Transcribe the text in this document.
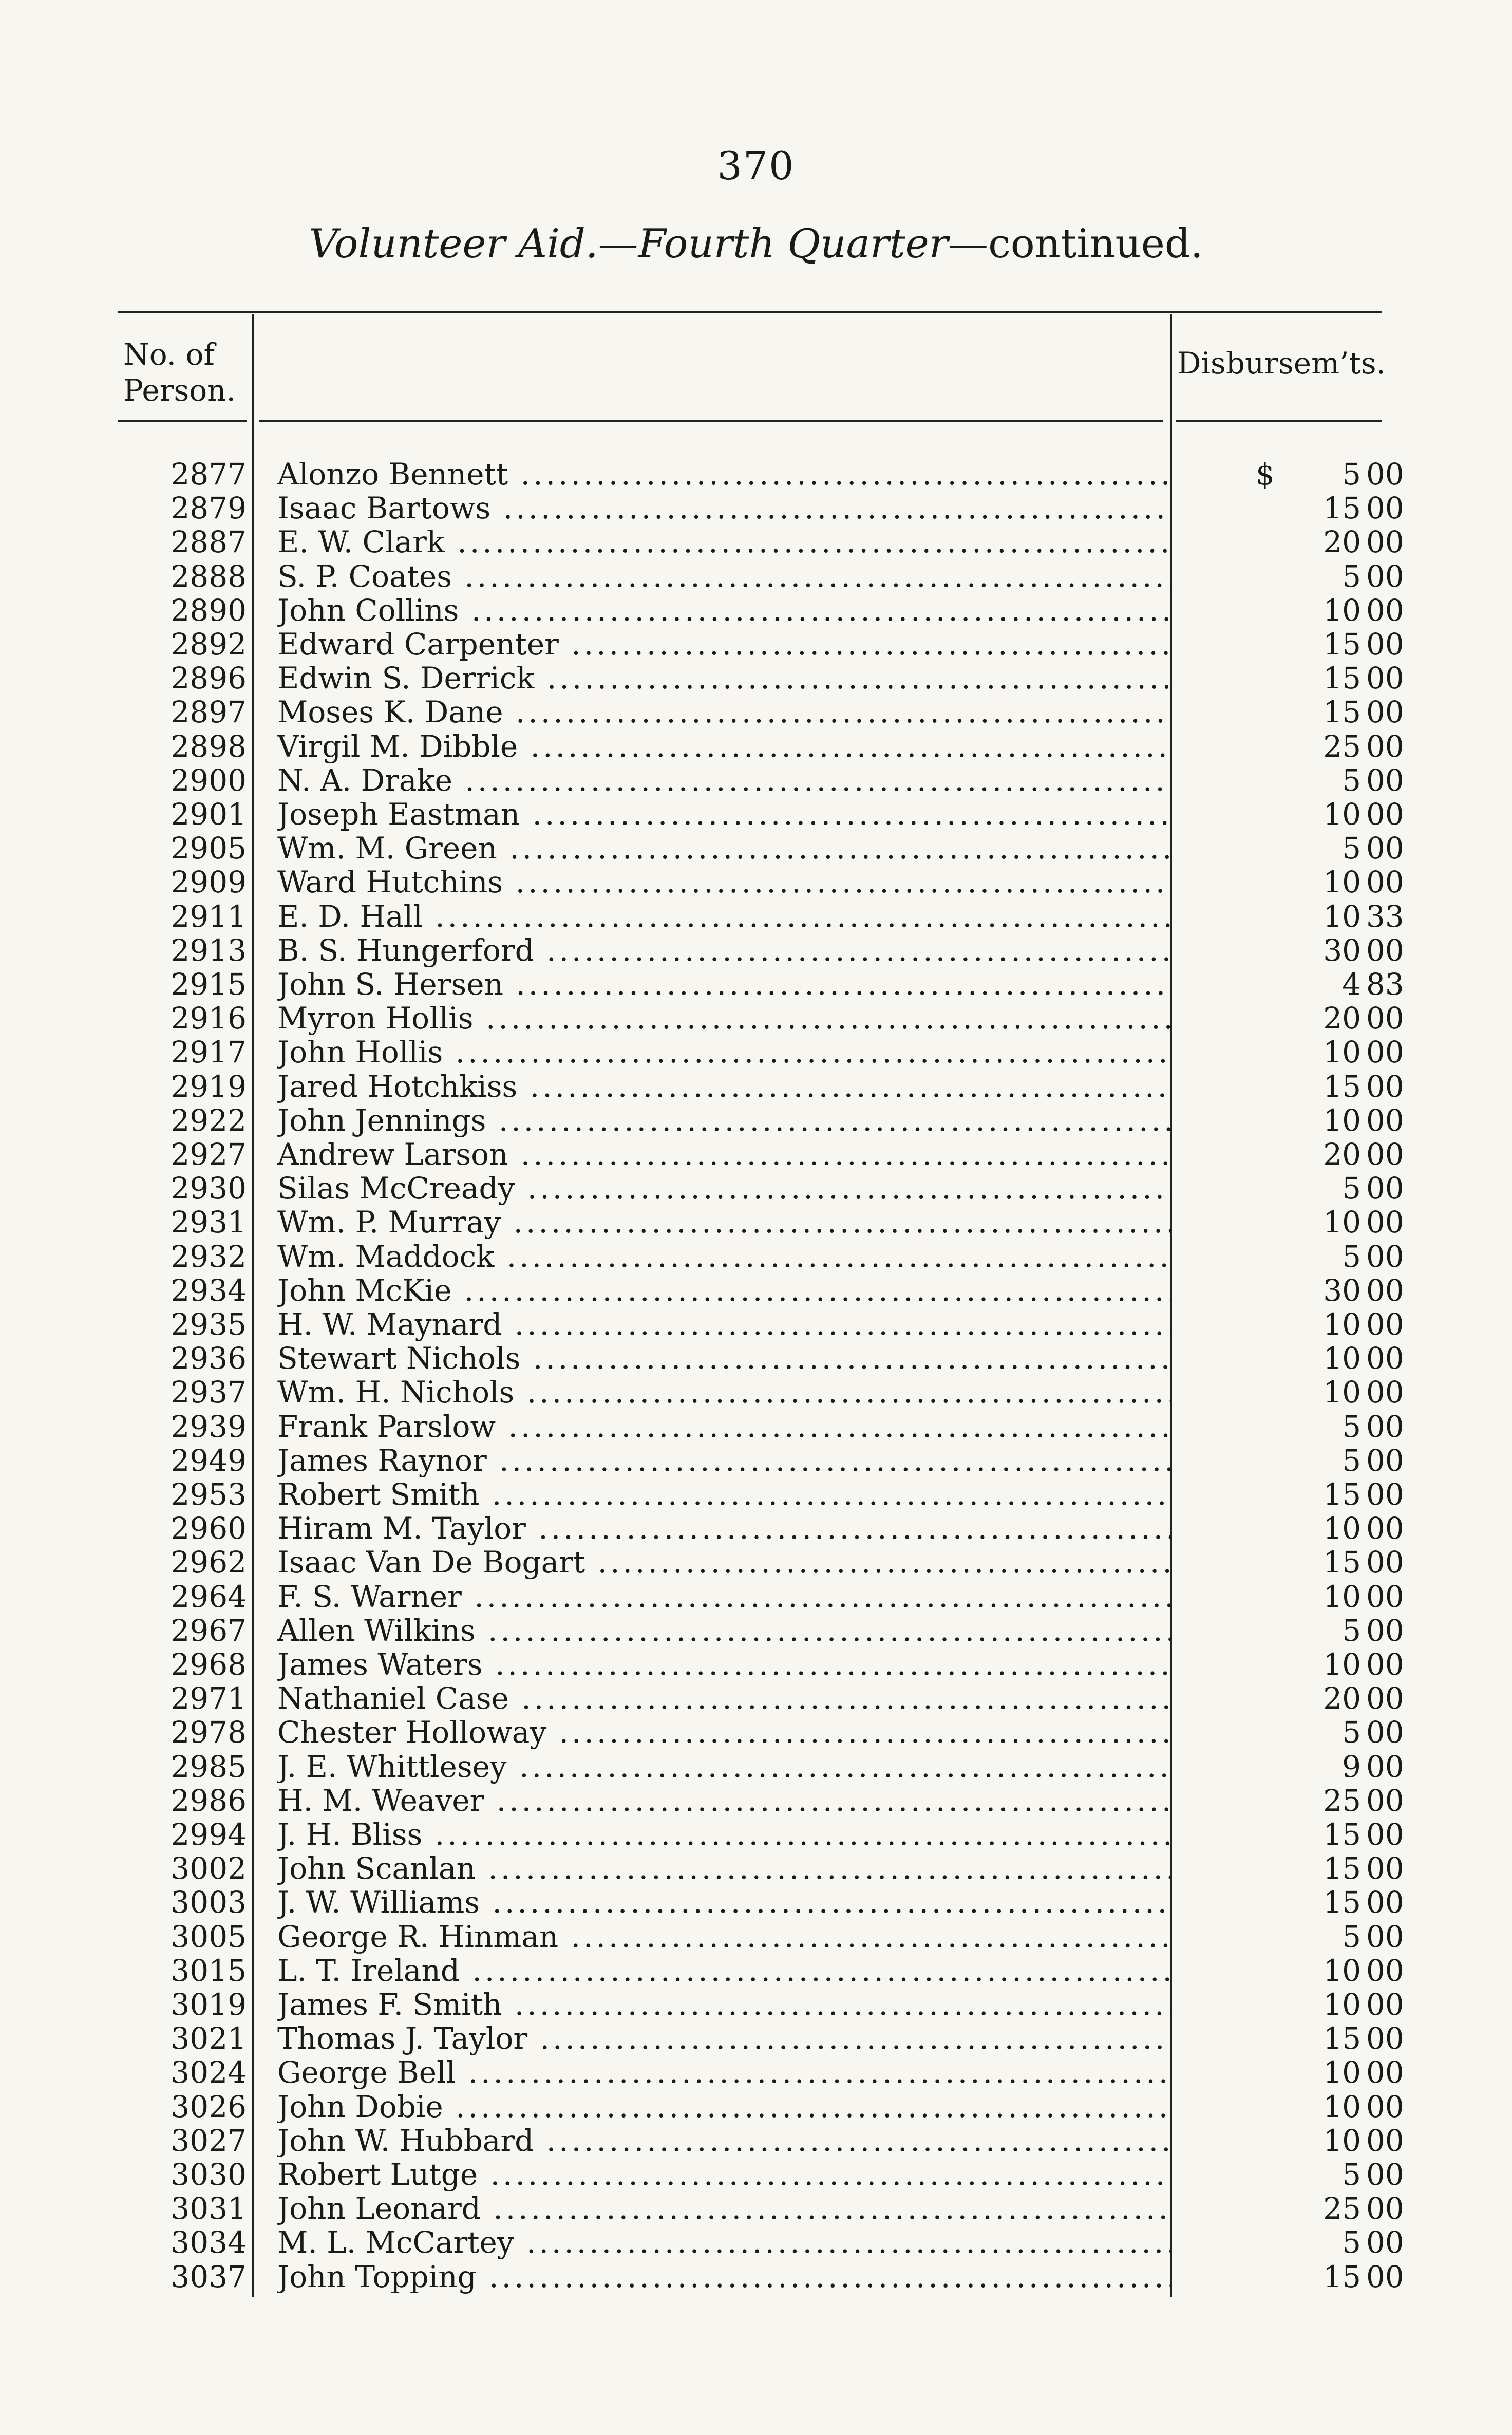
370
Volunteer Aid.—Fourth Quarter—continued.
No. of
Person.
Disbursem’ts.
2877 Alonzo Bennett .....	$	5 00
2879 Isaac Bartows .....	15 00
2887 E. W. Clark .....	20 00
2888 S. P. Coates .....	5 00
2890 John Collins .....	10 00
2892 Edward Carpenter .....	15 00
2896 Edwin S. Derrick .....	15 00
2897 Moses K. Dane .....	15 00
2898 Virgil M. Dibble .....	25 00
2900 N. A. Drake .....	5 00
2901 Joseph Eastman .....	10 00
2905 Wm. M. Green .....	5 00
2909 Ward Hutchins .....	10 00
2911 E. D. Hall .....	10 33
2913 B. S. Hungerford .....	30 00
2915 John S. Hersen .....	4 83
2916 Myron Hollis .....	20 00
2917 John Hollis .....	10 00
2919 Jared Hotchkiss .....	15 00
2922 John Jennings .....	10 00
2927 Andrew Larson .....	20 00
2930 Silas McCready .....	5 00
2931 Wm. P. Murray .....	10 00
2932 Wm. Maddock .....	5 00
2934 John McKie .....	30 00
2935 H. W. Maynard .....	10 00
2936 Stewart Nichols .....	10 00
2937 Wm. H. Nichols .....	10 00
2939 Frank Parslow .....	5 00
2949 James Raynor .....	5 00
2953 Robert Smith .....	15 00
2960 Hiram M. Taylor .....	10 00
2962 Isaac Van De Bogart .....	15 00
2964 F. S. Warner .....	10 00
2967 Allen Wilkins .....	5 00
2968 James Waters .....	10 00
2971 Nathaniel Case .....	20 00
2978 Chester Holloway .....	5 00
2985 J. E. Whittlesey .....	9 00
2986 H. M. Weaver .....	25 00
2994 J. H. Bliss .....	15 00
3002 John Scanlan .....	15 00
3003 J. W. Williams .....	15 00
3005 George R. Hinman .....	5 00
3015 L. T. Ireland .....	10 00
3019 James F. Smith .....	10 00
3021 Thomas J. Taylor .....	15 00
3024 George Bell .....	10 00
3026 John Dobie .....	10 00
3027 John W. Hubbard .....	10 00
3030 Robert Lutge .....	5 00
3031 John Leonard .....	25 00
3034 M. L. McCartey .....	5 00
3037 John Topping .....	15 00
